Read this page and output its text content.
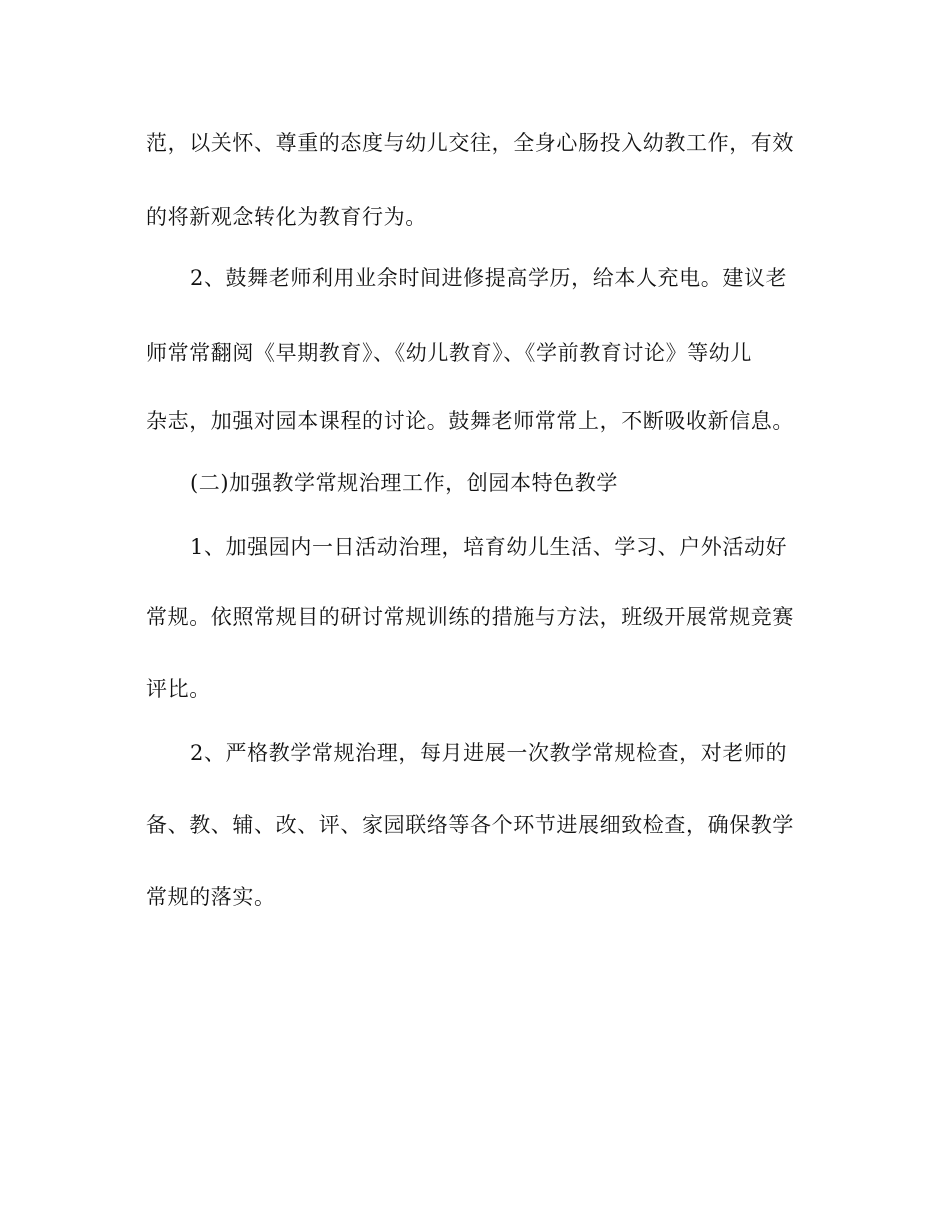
范，以关怀、尊重的态度与幼儿交往，全身心肠投入幼教工作，有效
的将新观念转化为教育行为。
2、鼓舞老师利用业余时间进修提高学历，给本人充电。建议老
师常常翻阅《早期教育》、《幼儿教育》、《学前教育讨论》等幼儿
杂志，加强对园本课程的讨论。鼓舞老师常常上，不断吸收新信息。
(二)加强教学常规治理工作，创园本特色教学
1、加强园内一日活动治理，培育幼儿生活、学习、户外活动好
常规。依照常规目的研讨常规训练的措施与方法，班级开展常规竞赛
评比。
2、严格教学常规治理，每月进展一次教学常规检查，对老师的
备、教、辅、改、评、家园联络等各个环节进展细致检查，确保教学
常规的落实。
